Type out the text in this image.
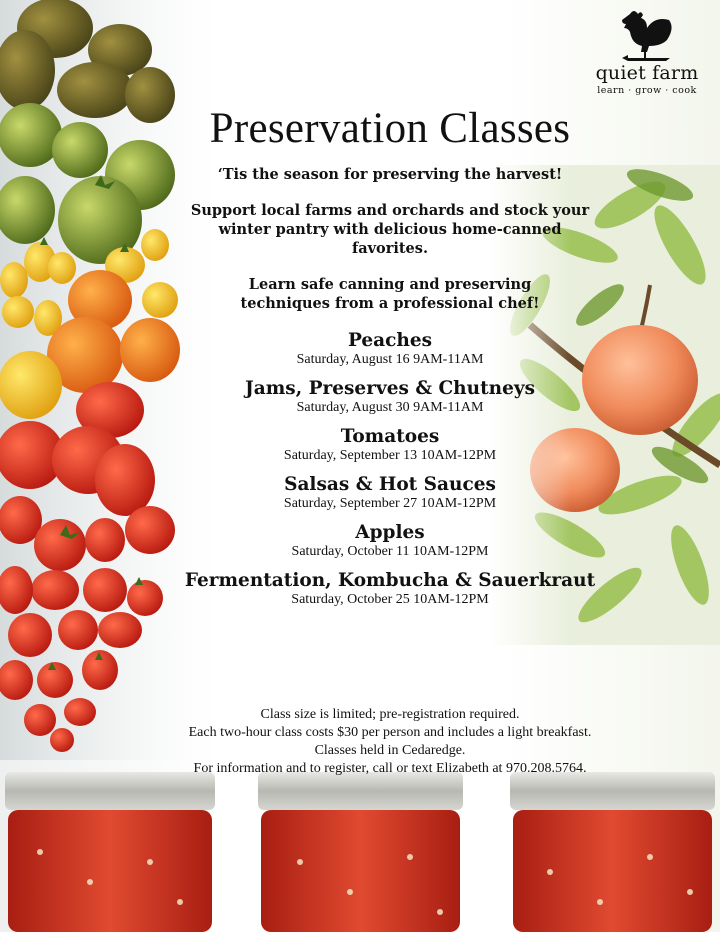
quiet farm
learn · grow · cook
Preservation Classes

‘Tis the season for preserving the harvest!

Support local farms and orchards and stock your winter pantry with delicious home-canned favorites.

Learn safe canning and preserving techniques from a professional chef!

Peaches
Saturday, August 16 9AM-11AM
Jams, Preserves & Chutneys
Saturday, August 30 9AM-11AM
Tomatoes
Saturday, September 13 10AM-12PM
Salsas & Hot Sauces
Saturday, September 27 10AM-12PM
Apples
Saturday, October 11 10AM-12PM
Fermentation, Kombucha & Sauerkraut
Saturday, October 25 10AM-12PM
Class size is limited; pre-registration required.
Each two-hour class costs $30 per person and includes a light breakfast.
Classes held in Cedaredge.
For information and to register, call or text Elizabeth at 970.208.5764.
